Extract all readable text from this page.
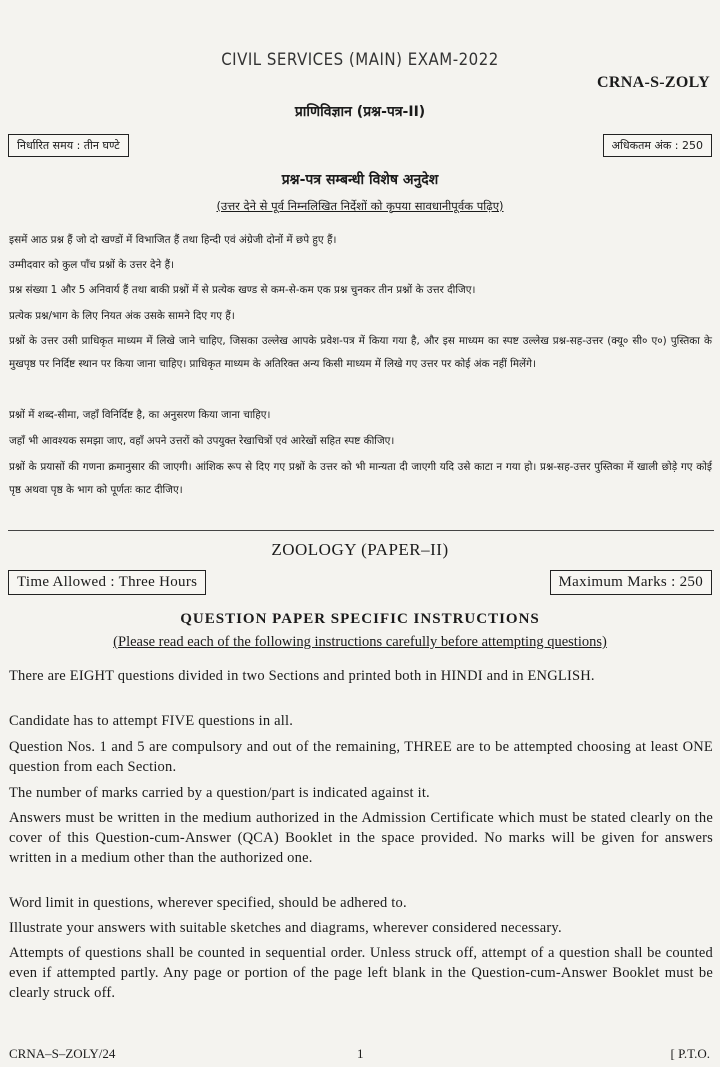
CIVIL SERVICES (MAIN) EXAM-2022
CRNA-S-ZOLY
प्राणिविज्ञान (प्रश्न-पत्र-II)
निर्धारित समय : तीन घण्टे	अधिकतम अंक : 250
प्रश्न-पत्र सम्बन्धी विशेष अनुदेश
(उत्तर देने से पूर्व निम्नलिखित निर्देशों को कृपया सावधानीपूर्वक पढ़िए)
इसमें आठ प्रश्न हैं जो दो खण्डों में विभाजित हैं तथा हिन्दी एवं अंग्रेजी दोनों में छपे हुए हैं।
उम्मीदवार को कुल पाँच प्रश्नों के उत्तर देने हैं।
प्रश्न संख्या 1 और 5 अनिवार्य हैं तथा बाकी प्रश्नों में से प्रत्येक खण्ड से कम-से-कम एक प्रश्न चुनकर तीन प्रश्नों के उत्तर दीजिए।
प्रत्येक प्रश्न/भाग के लिए नियत अंक उसके सामने दिए गए हैं।
प्रश्नों के उत्तर उसी प्राधिकृत माध्यम में लिखे जाने चाहिए, जिसका उल्लेख आपके प्रवेश-पत्र में किया गया है, और इस माध्यम का स्पष्ट उल्लेख प्रश्न-सह-उत्तर (क्यू० सी० ए०) पुस्तिका के मुखपृष्ठ पर निर्दिष्ट स्थान पर किया जाना चाहिए। प्राधिकृत माध्यम के अतिरिक्त अन्य किसी माध्यम में लिखे गए उत्तर पर कोई अंक नहीं मिलेंगे।
प्रश्नों में शब्द-सीमा, जहाँ विनिर्दिष्ट है, का अनुसरण किया जाना चाहिए।
जहाँ भी आवश्यक समझा जाए, वहाँ अपने उत्तरों को उपयुक्त रेखाचित्रों एवं आरेखों सहित स्पष्ट कीजिए।
प्रश्नों के प्रयासों की गणना क्रमानुसार की जाएगी। आंशिक रूप से दिए गए प्रश्नों के उत्तर को भी मान्यता दी जाएगी यदि उसे काटा न गया हो। प्रश्न-सह-उत्तर पुस्तिका में खाली छोड़े गए कोई पृष्ठ अथवा पृष्ठ के भाग को पूर्णतः काट दीजिए।
ZOOLOGY (PAPER–II)
Time Allowed : Three Hours	Maximum Marks : 250
QUESTION PAPER SPECIFIC INSTRUCTIONS
(Please read each of the following instructions carefully before attempting questions)
There are EIGHT questions divided in two Sections and printed both in HINDI and in ENGLISH.
Candidate has to attempt FIVE questions in all.
Question Nos. 1 and 5 are compulsory and out of the remaining, THREE are to be attempted choosing at least ONE question from each Section.
The number of marks carried by a question/part is indicated against it.
Answers must be written in the medium authorized in the Admission Certificate which must be stated clearly on the cover of this Question-cum-Answer (QCA) Booklet in the space provided. No marks will be given for answers written in a medium other than the authorized one.
Word limit in questions, wherever specified, should be adhered to.
Illustrate your answers with suitable sketches and diagrams, wherever considered necessary.
Attempts of questions shall be counted in sequential order. Unless struck off, attempt of a question shall be counted even if attempted partly. Any page or portion of the page left blank in the Question-cum-Answer Booklet must be clearly struck off.
CRNA–S–ZOLY/24	1	[ P.T.O.
